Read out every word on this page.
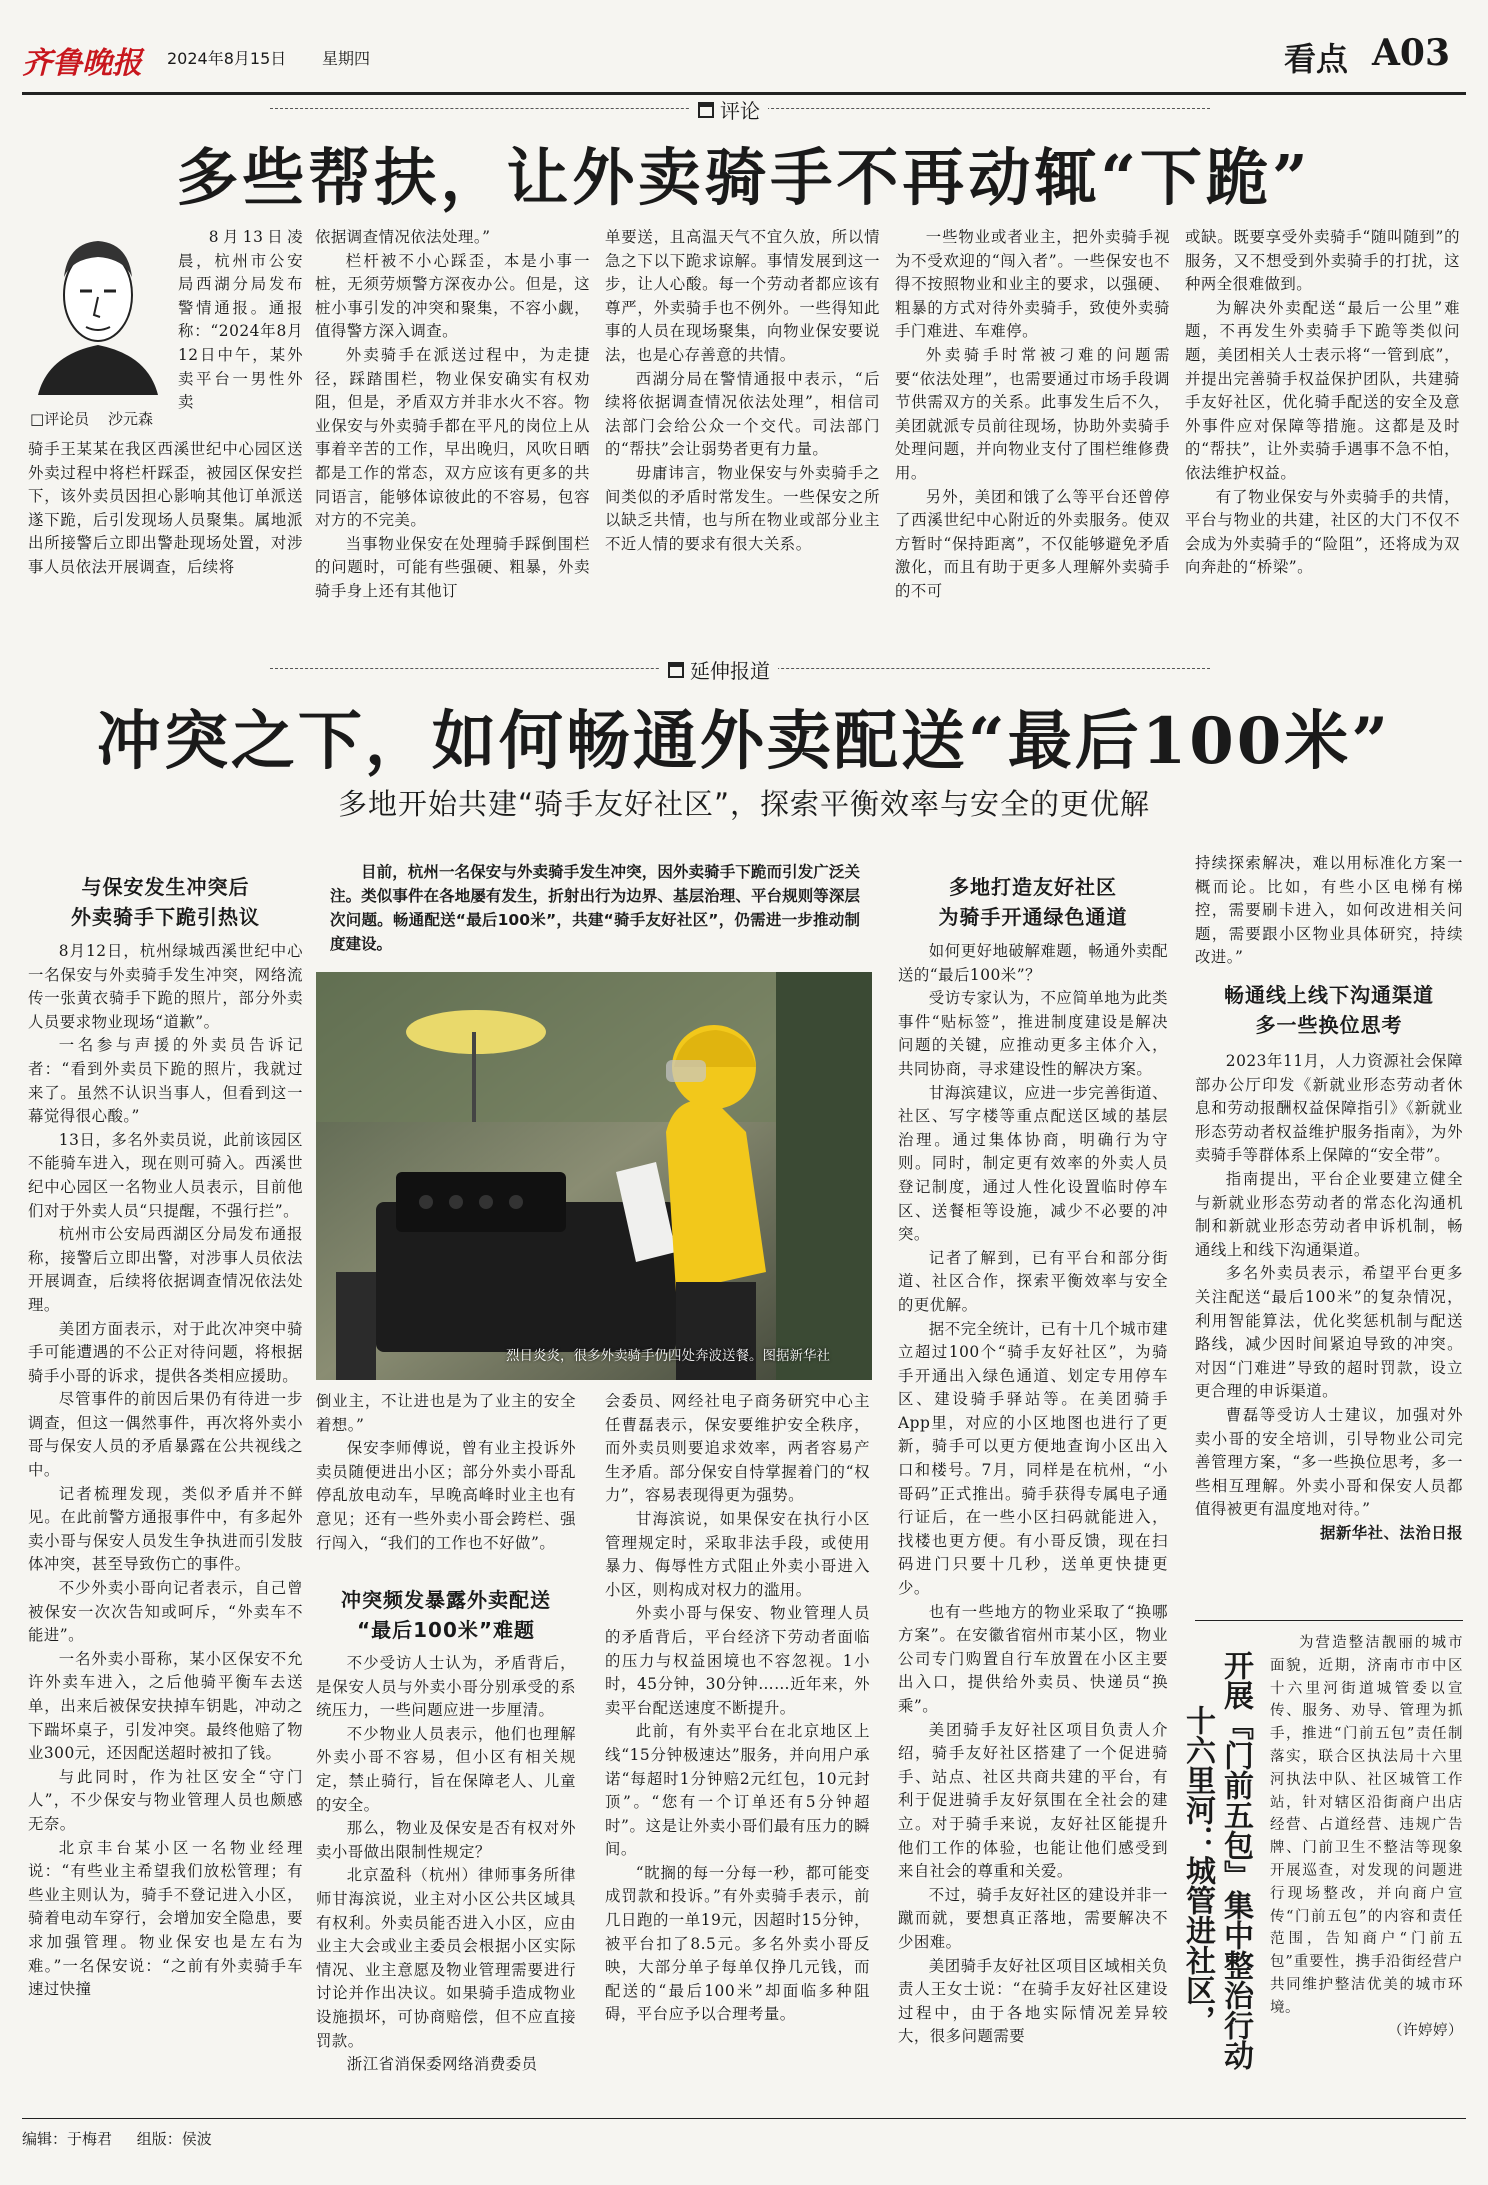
齐鲁晚报 2024年8月15日 星期四	看点 A03
评论
多些帮扶，让外卖骑手不再动辄“下跪”
□评论员 沙元森

8月13日凌晨，杭州市公安局西湖分局发布警情通报。通报称：“2024年8月12日中午，某外卖平台一男性外卖

骑手王某某在我区西溪世纪中心园区送外卖过程中将栏杆踩歪，被园区保安拦下，该外卖员因担心影响其他订单派送遂下跪，后引发现场人员聚集。属地派出所接警后立即出警赴现场处置，对涉事人员依法开展调查，后续将

依据调查情况依法处理。”

栏杆被不小心踩歪，本是小事一桩，无须劳烦警方深夜办公。但是，这桩小事引发的冲突和聚集，不容小觑，值得警方深入调查。

外卖骑手在派送过程中，为走捷径，踩踏围栏，物业保安确实有权劝阻，但是，矛盾双方并非水火不容。物业保安与外卖骑手都在平凡的岗位上从事着辛苦的工作，早出晚归，风吹日晒都是工作的常态，双方应该有更多的共同语言，能够体谅彼此的不容易，包容对方的不完美。

当事物业保安在处理骑手踩倒围栏的问题时，可能有些强硬、粗暴，外卖骑手身上还有其他订

单要送，且高温天气不宜久放，所以情急之下以下跪求谅解。事情发展到这一步，让人心酸。每一个劳动者都应该有尊严，外卖骑手也不例外。一些得知此事的人员在现场聚集，向物业保安要说法，也是心存善意的共情。

西湖分局在警情通报中表示，“后续将依据调查情况依法处理”，相信司法部门会给公众一个交代。司法部门的“帮扶”会让弱势者更有力量。

毋庸讳言，物业保安与外卖骑手之间类似的矛盾时常发生。一些保安之所以缺乏共情，也与所在物业或部分业主不近人情的要求有很大关系。

一些物业或者业主，把外卖骑手视为不受欢迎的“闯入者”。一些保安也不得不按照物业和业主的要求，以强硬、粗暴的方式对待外卖骑手，致使外卖骑手门难进、车难停。

外卖骑手时常被刁难的问题需要“依法处理”，也需要通过市场手段调节供需双方的关系。此事发生后不久，美团就派专员前往现场，协助外卖骑手处理问题，并向物业支付了围栏维修费用。

另外，美团和饿了么等平台还曾停了西溪世纪中心附近的外卖服务。使双方暂时“保持距离”，不仅能够避免矛盾激化，而且有助于更多人理解外卖骑手的不可

或缺。既要享受外卖骑手“随叫随到”的服务，又不想受到外卖骑手的打扰，这种两全很难做到。

为解决外卖配送“最后一公里”难题，不再发生外卖骑手下跪等类似问题，美团相关人士表示将“一管到底”，并提出完善骑手权益保护团队，共建骑手友好社区，优化骑手配送的安全及意外事件应对保障等措施。这都是及时的“帮扶”，让外卖骑手遇事不急不怕，依法维护权益。

有了物业保安与外卖骑手的共情，平台与物业的共建，社区的大门不仅不会成为外卖骑手的“险阻”，还将成为双向奔赴的“桥梁”。

延伸报道
冲突之下，如何畅通外卖配送“最后100米”
多地开始共建“骑手友好社区”，探索平衡效率与安全的更优解
与保安发生冲突后
外卖骑手下跪引热议

8月12日，杭州绿城西溪世纪中心一名保安与外卖骑手发生冲突，网络流传一张黄衣骑手下跪的照片，部分外卖人员要求物业现场“道歉”。

一名参与声援的外卖员告诉记者：“看到外卖员下跪的照片，我就过来了。虽然不认识当事人，但看到这一幕觉得很心酸。”

13日，多名外卖员说，此前该园区不能骑车进入，现在则可骑入。西溪世纪中心园区一名物业人员表示，目前他们对于外卖人员“只提醒，不强行拦”。

杭州市公安局西湖区分局发布通报称，接警后立即出警，对涉事人员依法开展调查，后续将依据调查情况依法处理。

美团方面表示，对于此次冲突中骑手可能遭遇的不公正对待问题，将根据骑手小哥的诉求，提供各类相应援助。

尽管事件的前因后果仍有待进一步调查，但这一偶然事件，再次将外卖小哥与保安人员的矛盾暴露在公共视线之中。

记者梳理发现，类似矛盾并不鲜见。在此前警方通报事件中，有多起外卖小哥与保安人员发生争执进而引发肢体冲突，甚至导致伤亡的事件。

不少外卖小哥向记者表示，自己曾被保安一次次告知或呵斥，“外卖车不能进”。

一名外卖小哥称，某小区保安不允许外卖车进入，之后他骑平衡车去送单，出来后被保安抉掉车钥匙，冲动之下踹坏桌子，引发冲突。最终他赔了物业300元，还因配送超时被扣了钱。

与此同时，作为社区安全“守门人”，不少保安与物业管理人员也颇感无奈。

北京丰台某小区一名物业经理说：“有些业主希望我们放松管理；有些业主则认为，骑手不登记进入小区，骑着电动车穿行，会增加安全隐患，要求加强管理。物业保安也是左右为难。”一名保安说：“之前有外卖骑手车速过快撞

目前，杭州一名保安与外卖骑手发生冲突，因外卖骑手下跪而引发广泛关注。类似事件在各地屡有发生，折射出行为边界、基层治理、平台规则等深层次问题。畅通配送“最后100米”，共建“骑手友好社区”，仍需进一步推动制度建设。

烈日炎炎，很多外卖骑手仍四处奔波送餐。图据新华社

倒业主，不让进也是为了业主的安全着想。”

保安李师傅说，曾有业主投诉外卖员随便进出小区；部分外卖小哥乱停乱放电动车，早晚高峰时业主也有意见；还有一些外卖小哥会跨栏、强行闯入，“我们的工作也不好做”。

冲突频发暴露外卖配送
“最后100米”难题

不少受访人士认为，矛盾背后，是保安人员与外卖小哥分别承受的系统压力，一些问题应进一步厘清。

不少物业人员表示，他们也理解外卖小哥不容易，但小区有相关规定，禁止骑行，旨在保障老人、儿童的安全。

那么，物业及保安是否有权对外卖小哥做出限制性规定？

北京盈科（杭州）律师事务所律师甘海滨说，业主对小区公共区域具有权利。外卖员能否进入小区，应由业主大会或业主委员会根据小区实际情况、业主意愿及物业管理需要进行讨论并作出决议。如果骑手造成物业设施损坏，可协商赔偿，但不应直接罚款。

浙江省消保委网络消费委员

会委员、网经社电子商务研究中心主任曹磊表示，保安要维护安全秩序，而外卖员则要追求效率，两者容易产生矛盾。部分保安自恃掌握着门的“权力”，容易表现得更为强势。

甘海滨说，如果保安在执行小区管理规定时，采取非法手段，或使用暴力、侮辱性方式阻止外卖小哥进入小区，则构成对权力的滥用。

外卖小哥与保安、物业管理人员的矛盾背后，平台经济下劳动者面临的压力与权益困境也不容忽视。1小时，45分钟，30分钟……近年来，外卖平台配送速度不断提升。

此前，有外卖平台在北京地区上线“15分钟极速达”服务，并向用户承诺“每超时1分钟赔2元红包，10元封顶”。“您有一个订单还有5分钟超时”。这是让外卖小哥们最有压力的瞬间。

“眈搁的每一分每一秒，都可能变成罚款和投诉。”有外卖骑手表示，前几日跑的一单19元，因超时15分钟，被平台扣了8.5元。多名外卖小哥反映，大部分单子每单仅挣几元钱，而配送的“最后100米”却面临多种阻碍，平台应予以合理考量。

多地打造友好社区
为骑手开通绿色通道

如何更好地破解难题，畅通外卖配送的“最后100米”？

受访专家认为，不应简单地为此类事件“贴标签”，推进制度建设是解决问题的关键，应推动更多主体介入，共同协商，寻求建设性的解决方案。

甘海滨建议，应进一步完善街道、社区、写字楼等重点配送区域的基层治理。通过集体协商，明确行为守则。同时，制定更有效率的外卖人员登记制度，通过人性化设置临时停车区、送餐柜等设施，减少不必要的冲突。

记者了解到，已有平台和部分街道、社区合作，探索平衡效率与安全的更优解。

据不完全统计，已有十几个城市建立超过100个“骑手友好社区”，为骑手开通出入绿色通道、划定专用停车区、建设骑手驿站等。在美团骑手App里，对应的小区地图也进行了更新，骑手可以更方便地查询小区出入口和楼号。7月，同样是在杭州，“小哥码”正式推出。骑手获得专属电子通行证后，在一些小区扫码就能进入，找楼也更方便。有小哥反馈，现在扫码进门只要十几秒，送单更快捷更少。

也有一些地方的物业采取了“换哪方案”。在安徽省宿州市某小区，物业公司专门购置自行车放置在小区主要出入口，提供给外卖员、快递员“换乘”。

美团骑手友好社区项目负责人介绍，骑手友好社区搭建了一个促进骑手、站点、社区共商共建的平台，有利于促进骑手友好氛围在全社会的建立。对于骑手来说，友好社区能提升他们工作的体验，也能让他们感受到来自社会的尊重和关爱。

不过，骑手友好社区的建设并非一蹴而就，要想真正落地，需要解决不少困难。

美团骑手友好社区项目区域相关负责人王女士说：“在骑手友好社区建设过程中，由于各地实际情况差异较大，很多问题需要

持续探索解决，难以用标准化方案一概而论。比如，有些小区电梯有梯控，需要刷卡进入，如何改进相关问题，需要跟小区物业具体研究，持续改进。”

畅通线上线下沟通渠道
多一些换位思考

2023年11月，人力资源社会保障部办公厅印发《新就业形态劳动者休息和劳动报酬权益保障指引》《新就业形态劳动者权益维护服务指南》，为外卖骑手等群体系上保障的“安全带”。

指南提出，平台企业要建立健全与新就业形态劳动者的常态化沟通机制和新就业形态劳动者申诉机制，畅通线上和线下沟通渠道。

多名外卖员表示，希望平台更多关注配送“最后100米”的复杂情况，利用智能算法，优化奖惩机制与配送路线，减少因时间紧迫导致的冲突。对因“门难进”导致的超时罚款，设立更合理的申诉渠道。

曹磊等受访人士建议，加强对外卖小哥的安全培训，引导物业公司完善管理方案，“多一些换位思考，多一些相互理解。外卖小哥和保安人员都值得被更有温度地对待。”

据新华社、法治日报

开展『门前五包』集中整治行动
十六里河：城管进社区，

为营造整洁靓丽的城市面貌，近期，济南市市中区十六里河街道城管委以宣传、服务、劝导、管理为抓手，推进“门前五包”责任制落实，联合区执法局十六里河执法中队、社区城管工作站，针对辖区沿街商户出店经营、占道经营、违规广告牌、门前卫生不整洁等现象开展巡查，对发现的问题进行现场整改，并向商户宣传“门前五包”的内容和责任范围，告知商户“门前五包”重要性，携手沿街经营户共同维护整洁优美的城市环境。

（许婷婷）

编辑：于梅君 组版：侯波
